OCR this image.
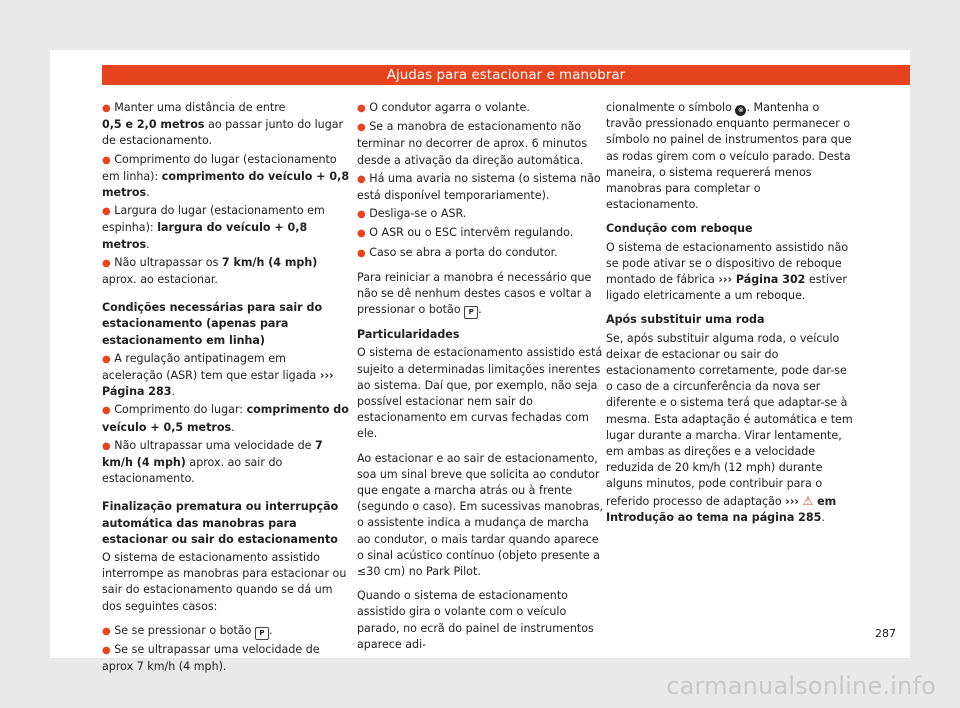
Ajudas para estacionar e manobrar

● Manter uma distância de entre
0,5 e 2,0 metros ao passar junto do lugar de estacionamento.

● Comprimento do lugar (estacionamento em linha): comprimento do veículo + 0,8 metros.

● Largura do lugar (estacionamento em espinha): largura do veículo + 0,8 metros.

● Não ultrapassar os 7 km/h (4 mph) aprox. ao estacionar.

Condições necessárias para sair do estacionamento (apenas para estacionamento em linha)

● A regulação antipatinagem em aceleração (ASR) tem que estar ligada ››› Página 283.

● Comprimento do lugar: comprimento do veículo + 0,5 metros.

● Não ultrapassar uma velocidade de 7 km/h (4 mph) aprox. ao sair do estacionamento.

Finalização prematura ou interrupção automática das manobras para estacionar ou sair do estacionamento

O sistema de estacionamento assistido interrompe as manobras para estacionar ou sair do estacionamento quando se dá um dos seguintes casos:

● Se se pressionar o botão P .

● Se se ultrapassar uma velocidade de aprox 7 km/h (4 mph).

● O condutor agarra o volante.

● Se a manobra de estacionamento não terminar no decorrer de aprox. 6 minutos desde a ativação da direção automática.

● Há uma avaria no sistema (o sistema não está disponível temporariamente).

● Desliga-se o ASR.

● O ASR ou o ESC intervêm regulando.

● Caso se abra a porta do condutor.

Para reiniciar a manobra é necessário que não se dê nenhum destes casos e voltar a pressionar o botão P .

Particularidades

O sistema de estacionamento assistido está sujeito a determinadas limitações inerentes ao sistema. Daí que, por exemplo, não seja possível estacionar nem sair do estacionamento em curvas fechadas com ele.

Ao estacionar e ao sair de estacionamento, soa um sinal breve que solicita ao condutor que engate a marcha atrás ou à frente (segundo o caso). Em sucessivas manobras, o assistente indica a mudança de marcha ao condutor, o mais tardar quando aparece o sinal acústico contínuo (objeto presente a ≤30 cm) no Park Pilot.

Quando o sistema de estacionamento assistido gira o volante com o veículo parado, no ecrã do painel de instrumentos aparece adi-

cionalmente o símbolo ⊗ . Mantenha o travão pressionado enquanto permanecer o símbolo no painel de instrumentos para que as rodas girem com o veículo parado. Desta maneira, o sistema requererá menos manobras para completar o estacionamento.

Condução com reboque

O sistema de estacionamento assistido não se pode ativar se o dispositivo de reboque montado de fábrica ››› Página 302 estiver ligado eletricamente a um reboque.

Após substituir uma roda

Se, após substituir alguma roda, o veículo deixar de estacionar ou sair do estacionamento corretamente, pode dar-se o caso de a circunferência da nova ser diferente e o sistema terá que adaptar-se à mesma. Esta adaptação é automática e tem lugar durante a marcha. Virar lentamente, em ambas as direções e a velocidade reduzida de 20 km/h (12 mph) durante alguns minutos, pode contribuir para o referido processo de adaptação ››› ⚠ em Introdução ao tema na página 285.

287
carmanualsonline.info
